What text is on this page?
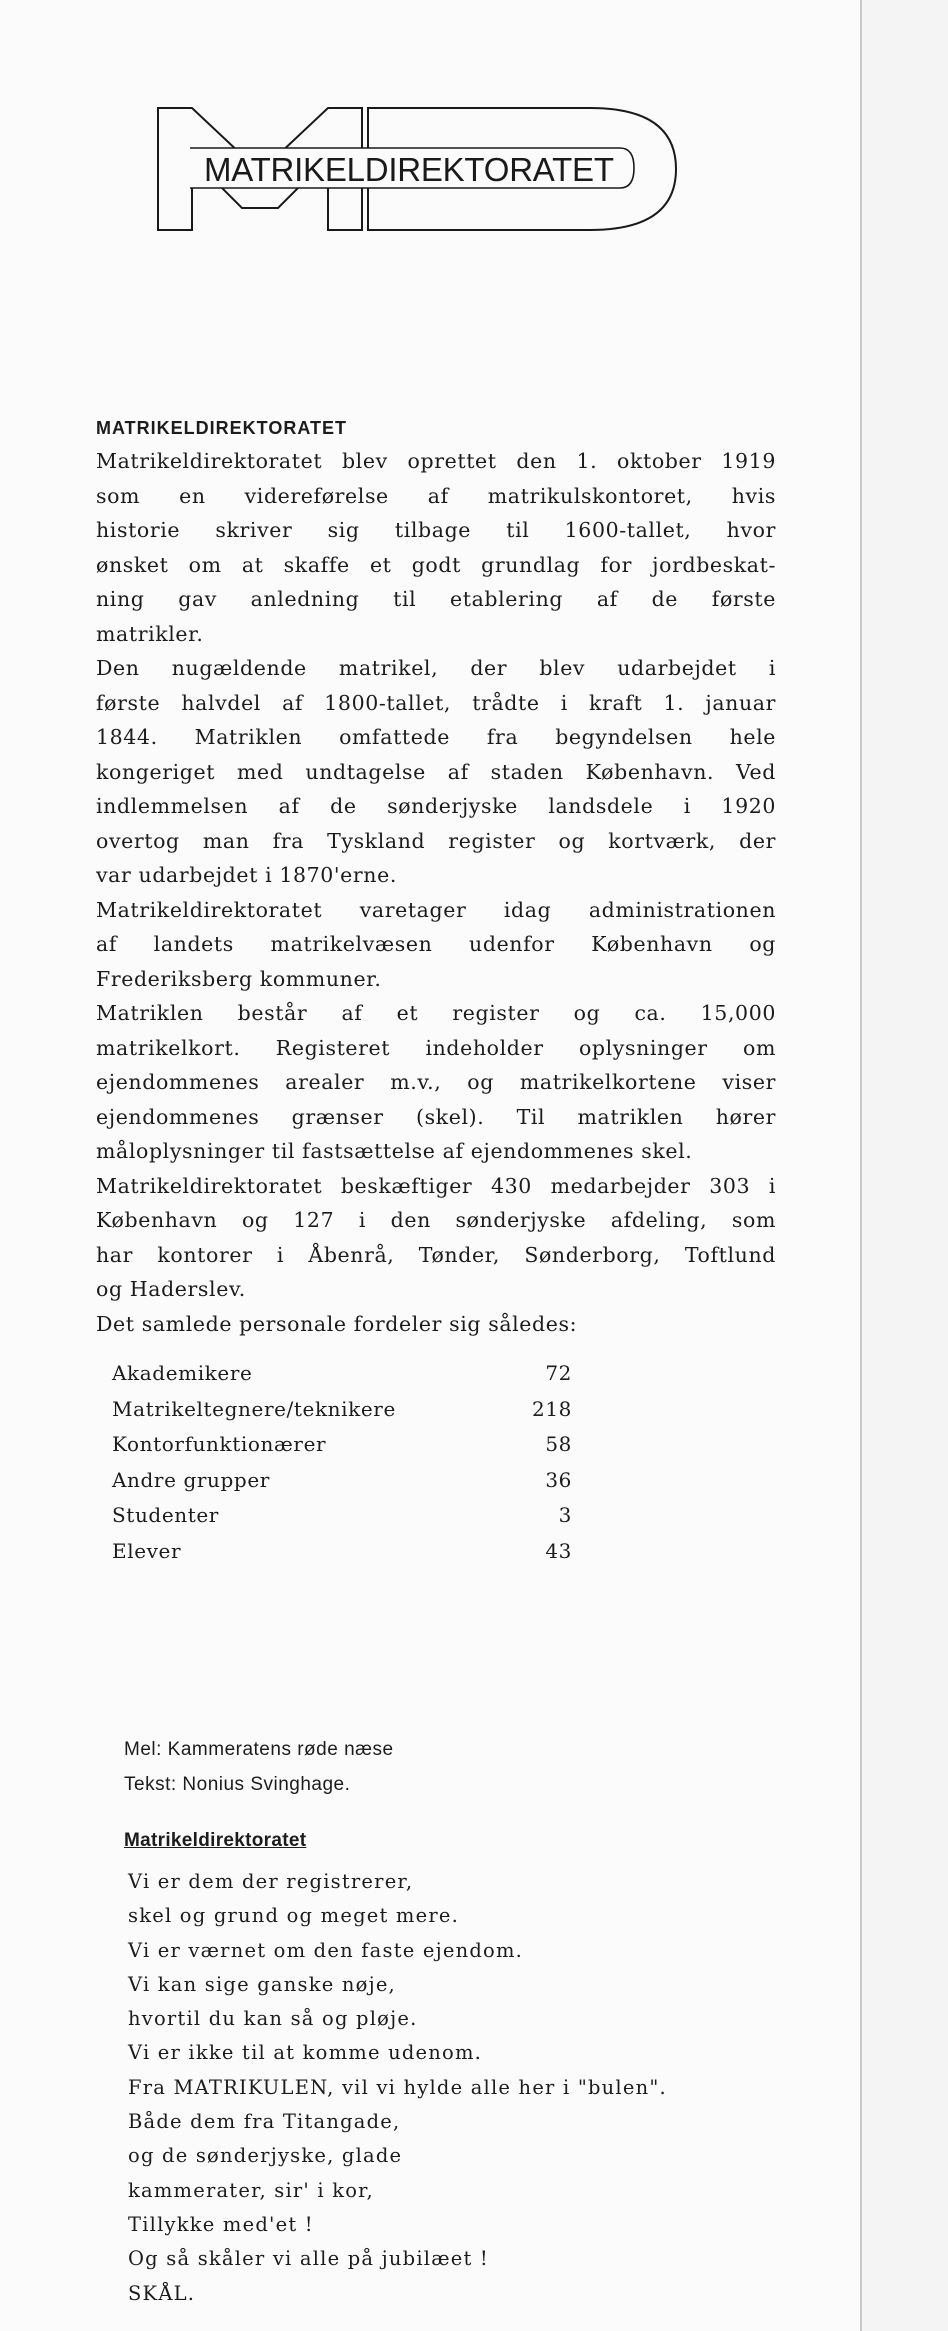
MATRIKELDIREKTORATET
MATRIKELDIREKTORATET
Matrikeldirektoratet blev oprettet den 1. oktober 1919
som en videreførelse af matrikulskontoret, hvis
historie skriver sig tilbage til 1600-tallet, hvor
ønsket om at skaffe et godt grundlag for jordbeskat-
ning gav anledning til etablering af de første
matrikler.
Den nugældende matrikel, der blev udarbejdet i
første halvdel af 1800-tallet, trådte i kraft 1. januar
1844. Matriklen omfattede fra begyndelsen hele
kongeriget med undtagelse af staden København. Ved
indlemmelsen af de sønderjyske landsdele i 1920
overtog man fra Tyskland register og kortværk, der
var udarbejdet i 1870'erne.
Matrikeldirektoratet varetager idag administrationen
af landets matrikelvæsen udenfor København og
Frederiksberg kommuner.
Matriklen består af et register og ca. 15,000
matrikelkort. Registeret indeholder oplysninger om
ejendommenes arealer m.v., og matrikelkortene viser
ejendommenes grænser (skel). Til matriklen hører
måloplysninger til fastsættelse af ejendommenes skel.
Matrikeldirektoratet beskæftiger 430 medarbejder 303 i
København og 127 i den sønderjyske afdeling, som
har kontorer i Åbenrå, Tønder, Sønderborg, Toftlund
og Haderslev.
Det samlede personale fordeler sig således:
Akademikere	72
Matrikeltegnere/teknikere	218
Kontorfunktionærer	58
Andre grupper	36
Studenter	3
Elever	43
Mel: Kammeratens røde næse
Tekst: Nonius Svinghage.
Matrikeldirektoratet
Vi er dem der registrerer,
skel og grund og meget mere.
Vi er værnet om den faste ejendom.
Vi kan sige ganske nøje,
hvortil du kan så og pløje.
Vi er ikke til at komme udenom.
Fra MATRIKULEN, vil vi hylde alle her i "bulen".
Både dem fra Titangade,
og de sønderjyske, glade
kammerater, sir' i kor,
Tillykke med'et !
Og så skåler vi alle på jubilæet !
SKÅL.
